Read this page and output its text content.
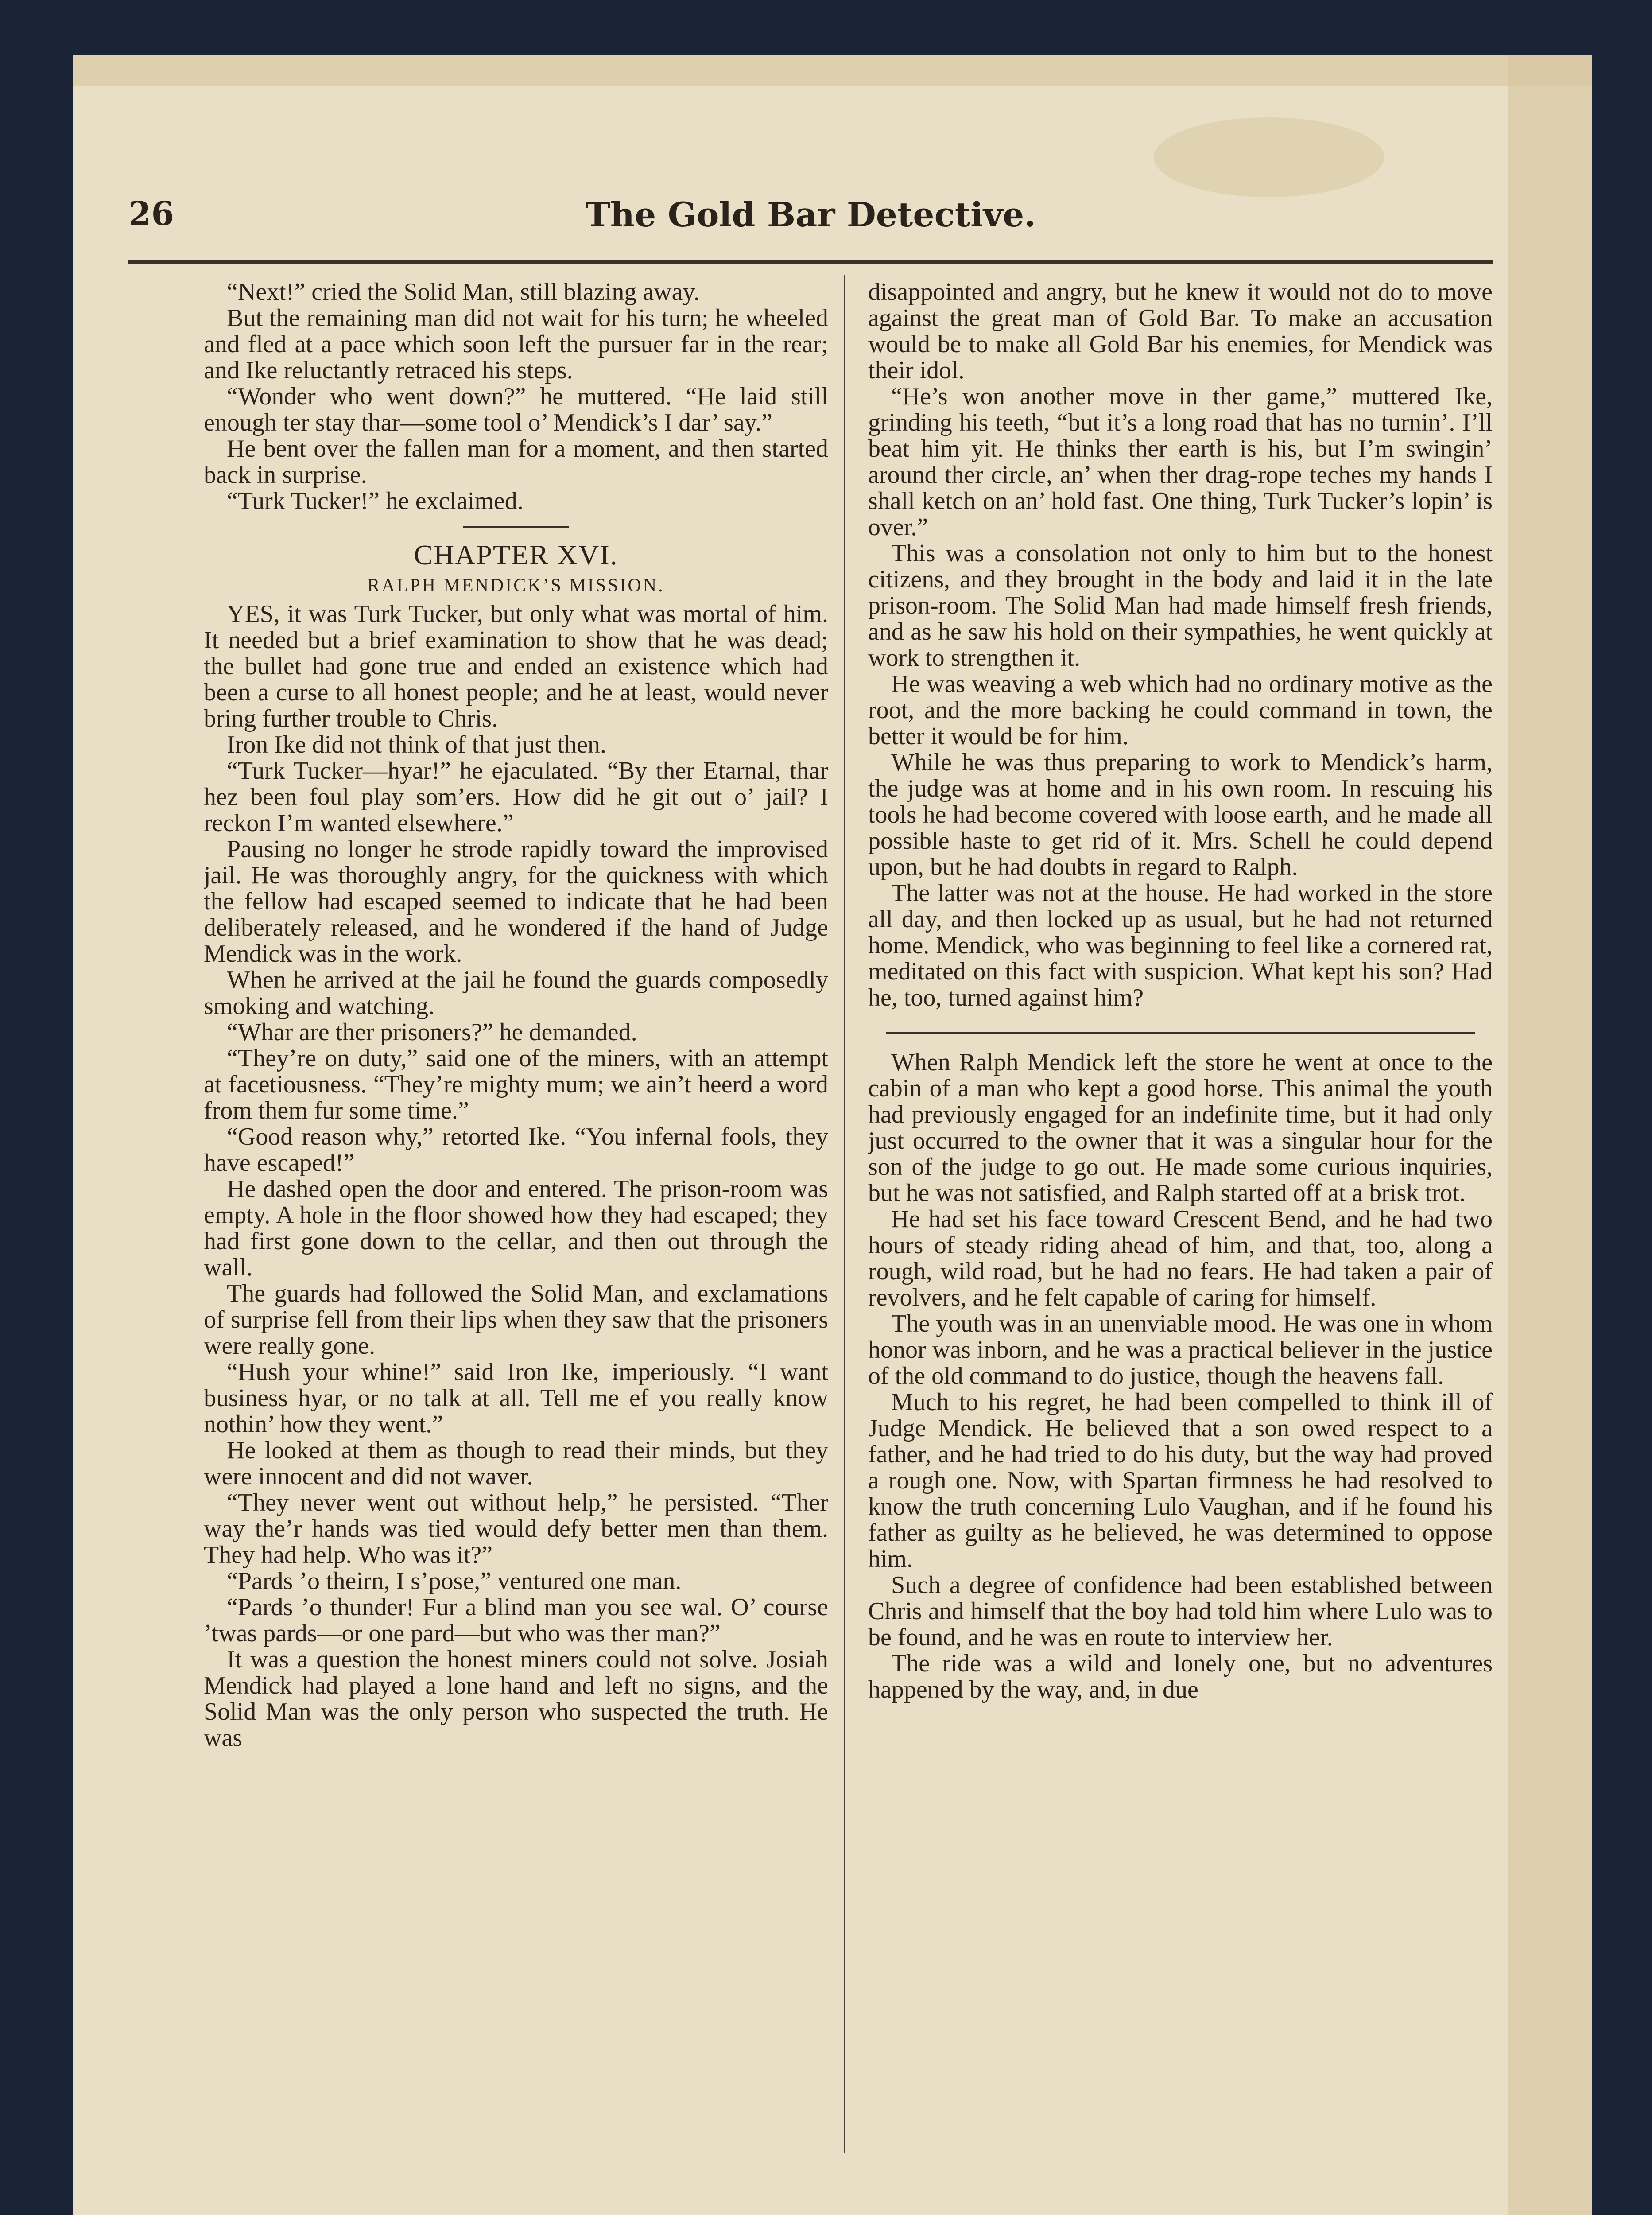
26	The Gold Bar Detective.

“Next!” cried the Solid Man, still blazing away.

But the remaining man did not wait for his turn; he wheeled and fled at a pace which soon left the pursuer far in the rear; and Ike reluctantly retraced his steps.

“Wonder who went down?” he muttered. “He laid still enough ter stay thar—some tool o’ Mendick’s I dar’ say.”

He bent over the fallen man for a moment, and then started back in surprise.

“Turk Tucker!” he exclaimed.

CHAPTER XVI.
RALPH MENDICK’S MISSION.

YES, it was Turk Tucker, but only what was mortal of him. It needed but a brief examination to show that he was dead; the bullet had gone true and ended an existence which had been a curse to all honest people; and he at least, would never bring further trouble to Chris.

Iron Ike did not think of that just then.

“Turk Tucker—hyar!” he ejaculated. “By ther Etarnal, thar hez been foul play som’ers. How did he git out o’ jail? I reckon I’m wanted elsewhere.”

Pausing no longer he strode rapidly toward the improvised jail. He was thoroughly angry, for the quickness with which the fellow had escaped seemed to indicate that he had been deliberately released, and he wondered if the hand of Judge Mendick was in the work.

When he arrived at the jail he found the guards composedly smoking and watching.

“Whar are ther prisoners?” he demanded.

“They’re on duty,” said one of the miners, with an attempt at facetiousness. “They’re mighty mum; we ain’t heerd a word from them fur some time.”

“Good reason why,” retorted Ike. “You infernal fools, they have escaped!”

He dashed open the door and entered. The prison-room was empty. A hole in the floor showed how they had escaped; they had first gone down to the cellar, and then out through the wall.

The guards had followed the Solid Man, and exclamations of surprise fell from their lips when they saw that the prisoners were really gone.

“Hush your whine!” said Iron Ike, imperiously. “I want business hyar, or no talk at all. Tell me ef you really know nothin’ how they went.”

He looked at them as though to read their minds, but they were innocent and did not waver.

“They never went out without help,” he persisted. “Ther way the’r hands was tied would defy better men than them. They had help. Who was it?”

“Pards ’o theirn, I s’pose,” ventured one man.

“Pards ’o thunder! Fur a blind man you see wal. O’ course ’twas pards—or one pard—but who was ther man?”

It was a question the honest miners could not solve. Josiah Mendick had played a lone hand and left no signs, and the Solid Man was the only person who suspected the truth. He was

disappointed and angry, but he knew it would not do to move against the great man of Gold Bar. To make an accusation would be to make all Gold Bar his enemies, for Mendick was their idol.

“He’s won another move in ther game,” muttered Ike, grinding his teeth, “but it’s a long road that has no turnin’. I’ll beat him yit. He thinks ther earth is his, but I’m swingin’ around ther circle, an’ when ther drag-rope teches my hands I shall ketch on an’ hold fast. One thing, Turk Tucker’s lopin’ is over.”

This was a consolation not only to him but to the honest citizens, and they brought in the body and laid it in the late prison-room. The Solid Man had made himself fresh friends, and as he saw his hold on their sympathies, he went quickly at work to strengthen it.

He was weaving a web which had no ordinary motive as the root, and the more backing he could command in town, the better it would be for him.

While he was thus preparing to work to Mendick’s harm, the judge was at home and in his own room. In rescuing his tools he had become covered with loose earth, and he made all possible haste to get rid of it. Mrs. Schell he could depend upon, but he had doubts in regard to Ralph.

The latter was not at the house. He had worked in the store all day, and then locked up as usual, but he had not returned home. Mendick, who was beginning to feel like a cornered rat, meditated on this fact with suspicion. What kept his son? Had he, too, turned against him?

When Ralph Mendick left the store he went at once to the cabin of a man who kept a good horse. This animal the youth had previously engaged for an indefinite time, but it had only just occurred to the owner that it was a singular hour for the son of the judge to go out. He made some curious inquiries, but he was not satisfied, and Ralph started off at a brisk trot.

He had set his face toward Crescent Bend, and he had two hours of steady riding ahead of him, and that, too, along a rough, wild road, but he had no fears. He had taken a pair of revolvers, and he felt capable of caring for himself.

The youth was in an unenviable mood. He was one in whom honor was inborn, and he was a practical believer in the justice of the old command to do justice, though the heavens fall.

Much to his regret, he had been compelled to think ill of Judge Mendick. He believed that a son owed respect to a father, and he had tried to do his duty, but the way had proved a rough one. Now, with Spartan firmness he had resolved to know the truth concerning Lulo Vaughan, and if he found his father as guilty as he believed, he was determined to oppose him.

Such a degree of confidence had been established between Chris and himself that the boy had told him where Lulo was to be found, and he was en route to interview her.

The ride was a wild and lonely one, but no adventures happened by the way, and, in due
